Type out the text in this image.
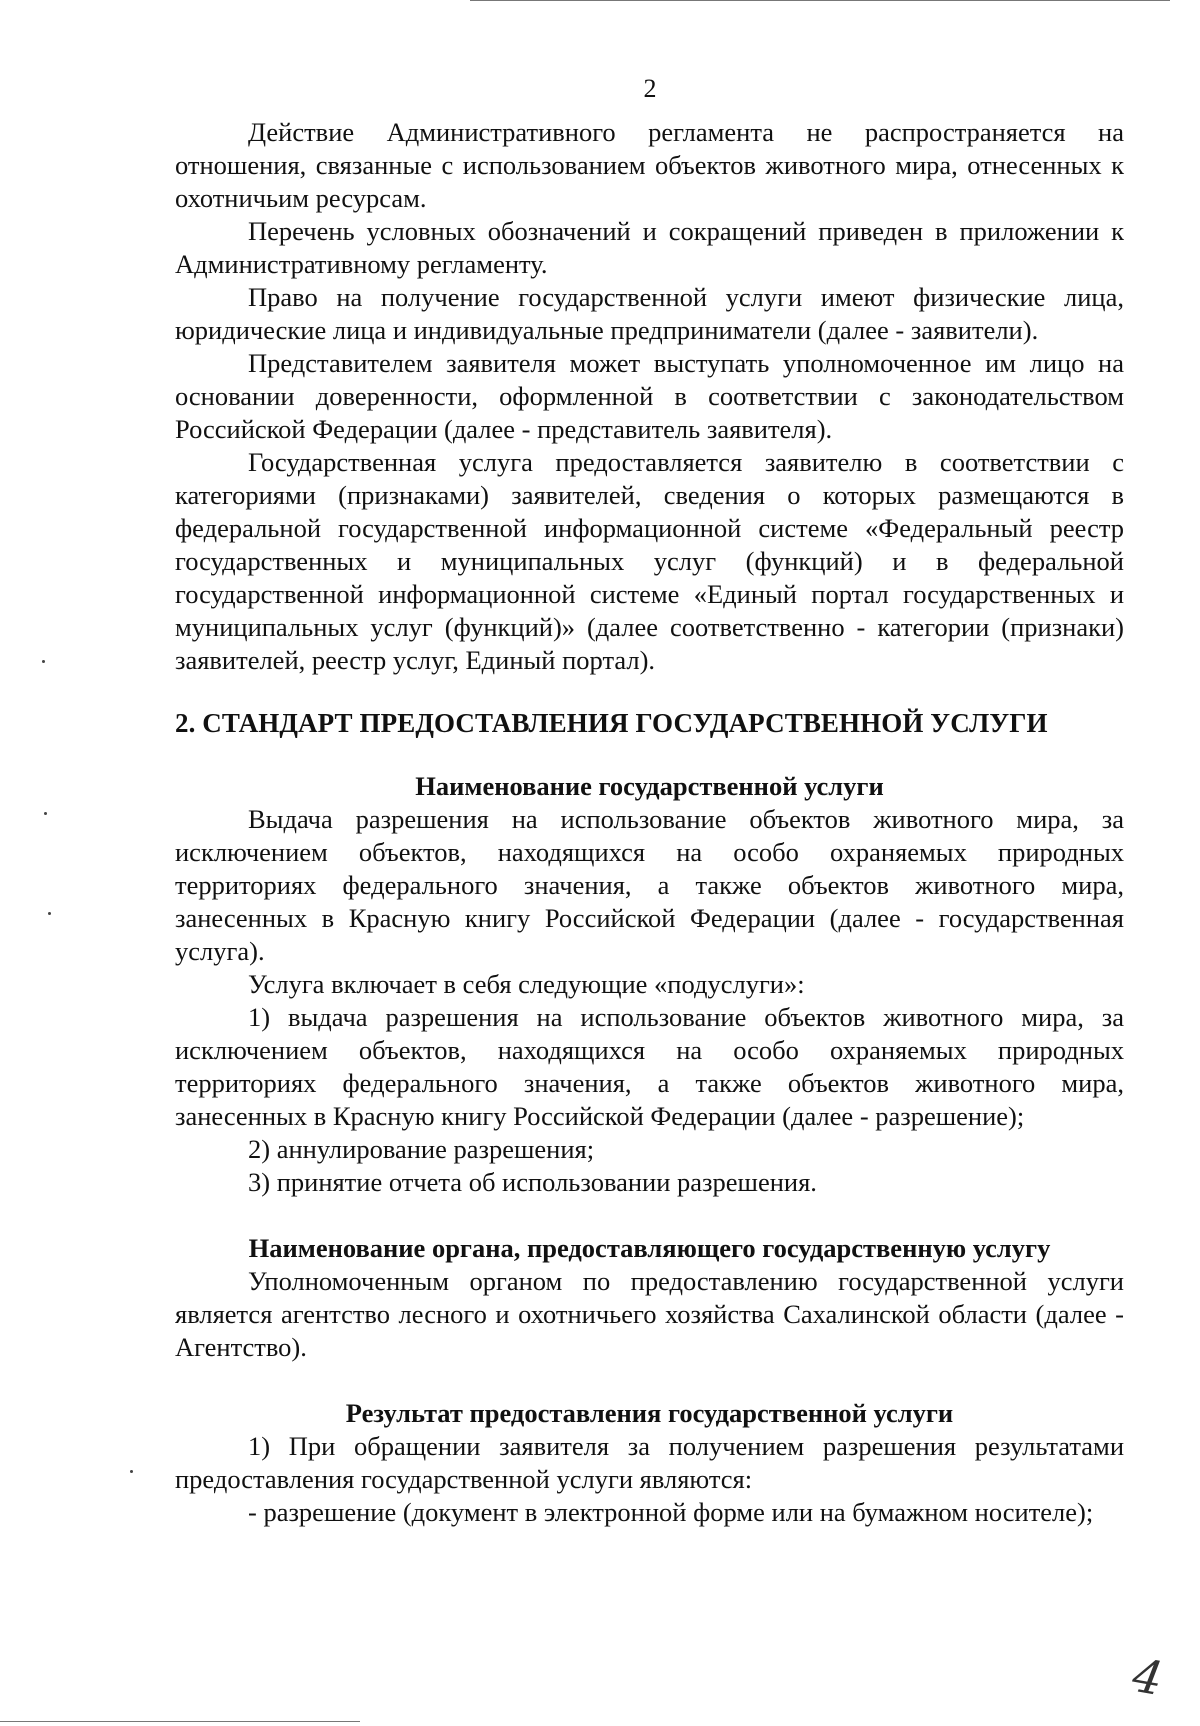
2

Действие Административного регламента не распространяется на отношения, связанные с использованием объектов животного мира, отнесенных к охотничьим ресурсам.

Перечень условных обозначений и сокращений приведен в приложении к Административному регламенту.

Право на получение государственной услуги имеют физические лица, юридические лица и индивидуальные предприниматели (далее - заявители).

Представителем заявителя может выступать уполномоченное им лицо на основании доверенности, оформленной в соответствии с законодательством Российской Федерации (далее - представитель заявителя).

Государственная услуга предоставляется заявителю в соответствии с категориями (признаками) заявителей, сведения о которых размещаются в федеральной государственной информационной системе «Федеральный реестр государственных и муниципальных услуг (функций) и в федеральной государственной информационной системе «Единый портал государственных и муниципальных услуг (функций)» (далее соответственно - категории (признаки) заявителей, реестр услуг, Единый портал).

2. СТАНДАРТ ПРЕДОСТАВЛЕНИЯ ГОСУДАРСТВЕННОЙ УСЛУГИ
Наименование государственной услуги

Выдача разрешения на использование объектов животного мира, за исключением объектов, находящихся на особо охраняемых природных территориях федерального значения, а также объектов животного мира, занесенных в Красную книгу Российской Федерации (далее - государственная услуга).

Услуга включает в себя следующие «подуслуги»:

1) выдача разрешения на использование объектов животного мира, за исключением объектов, находящихся на особо охраняемых природных территориях федерального значения, а также объектов животного мира, занесенных в Красную книгу Российской Федерации (далее - разрешение);

2) аннулирование разрешения;

3) принятие отчета об использовании разрешения.

Наименование органа, предоставляющего государственную услугу

Уполномоченным органом по предоставлению государственной услуги является агентство лесного и охотничьего хозяйства Сахалинской области (далее - Агентство).

Результат предоставления государственной услуги

1) При обращении заявителя за получением разрешения результатами предоставления государственной услуги являются:

- разрешение (документ в электронной форме или на бумажном носителе);

4
